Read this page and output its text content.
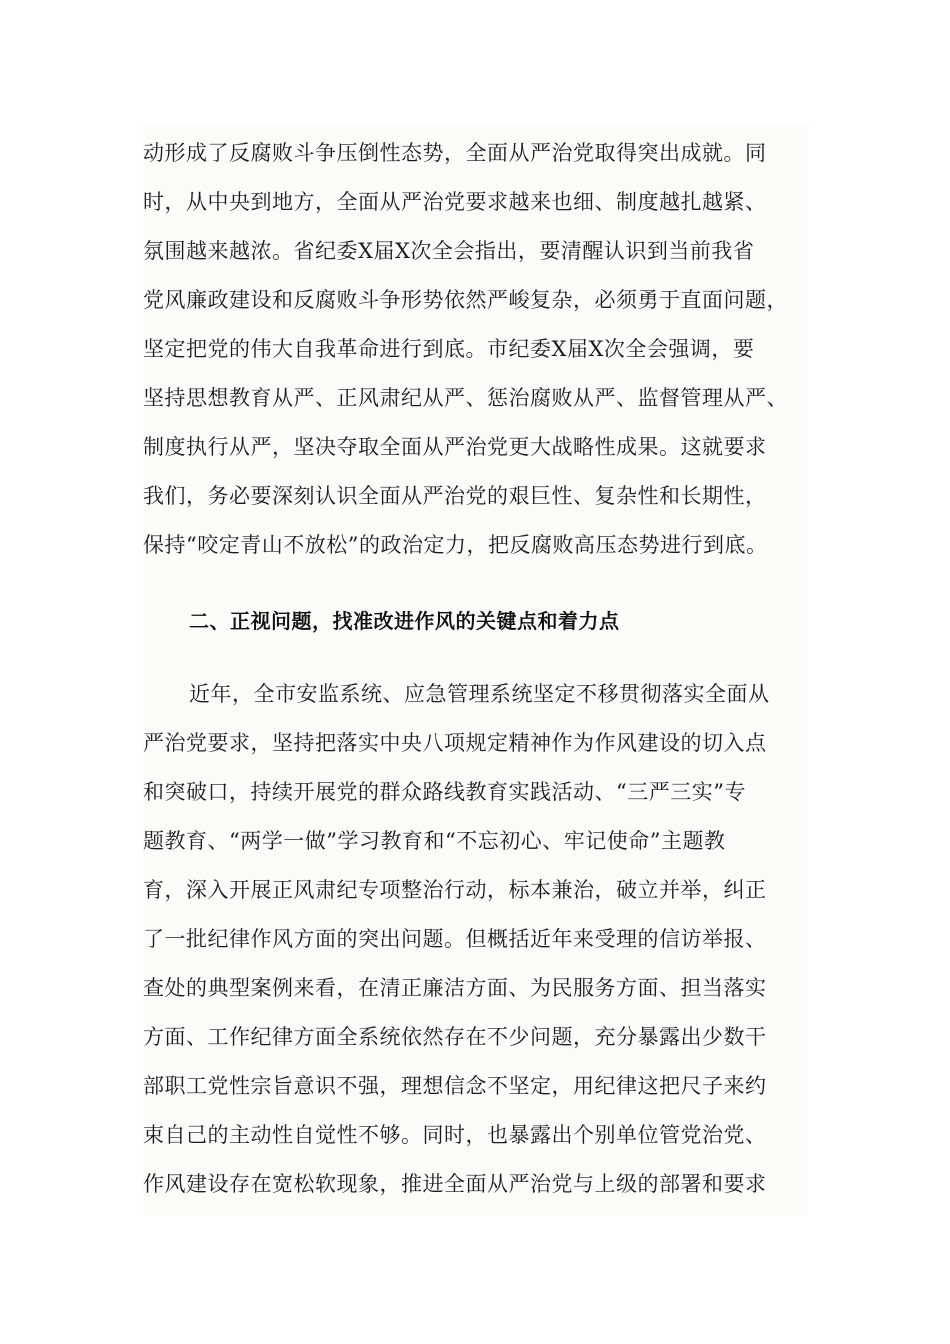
动形成了反腐败斗争压倒性态势，全面从严治党取得突出成就。同
时，从中央到地方，全面从严治党要求越来也细、制度越扎越紧、
氛围越来越浓。省纪委X届X次全会指出，要清醒认识到当前我省
党风廉政建设和反腐败斗争形势依然严峻复杂，必须勇于直面问题，
坚定把党的伟大自我革命进行到底。市纪委X届X次全会强调，要
坚持思想教育从严、正风肃纪从严、惩治腐败从严、监督管理从严、
制度执行从严，坚决夺取全面从严治党更大战略性成果。这就要求
我们，务必要深刻认识全面从严治党的艰巨性、复杂性和长期性，
保持“咬定青山不放松”的政治定力，把反腐败高压态势进行到底。
二、正视问题，找准改进作风的关键点和着力点
近年，全市安监系统、应急管理系统坚定不移贯彻落实全面从
严治党要求，坚持把落实中央八项规定精神作为作风建设的切入点
和突破口，持续开展党的群众路线教育实践活动、“三严三实”专
题教育、“两学一做”学习教育和“不忘初心、牢记使命”主题教
育，深入开展正风肃纪专项整治行动，标本兼治，破立并举，纠正
了一批纪律作风方面的突出问题。但概括近年来受理的信访举报、
查处的典型案例来看，在清正廉洁方面、为民服务方面、担当落实
方面、工作纪律方面全系统依然存在不少问题，充分暴露出少数干
部职工党性宗旨意识不强，理想信念不坚定，用纪律这把尺子来约
束自己的主动性自觉性不够。同时，也暴露出个别单位管党治党、
作风建设存在宽松软现象，推进全面从严治党与上级的部署和要求
